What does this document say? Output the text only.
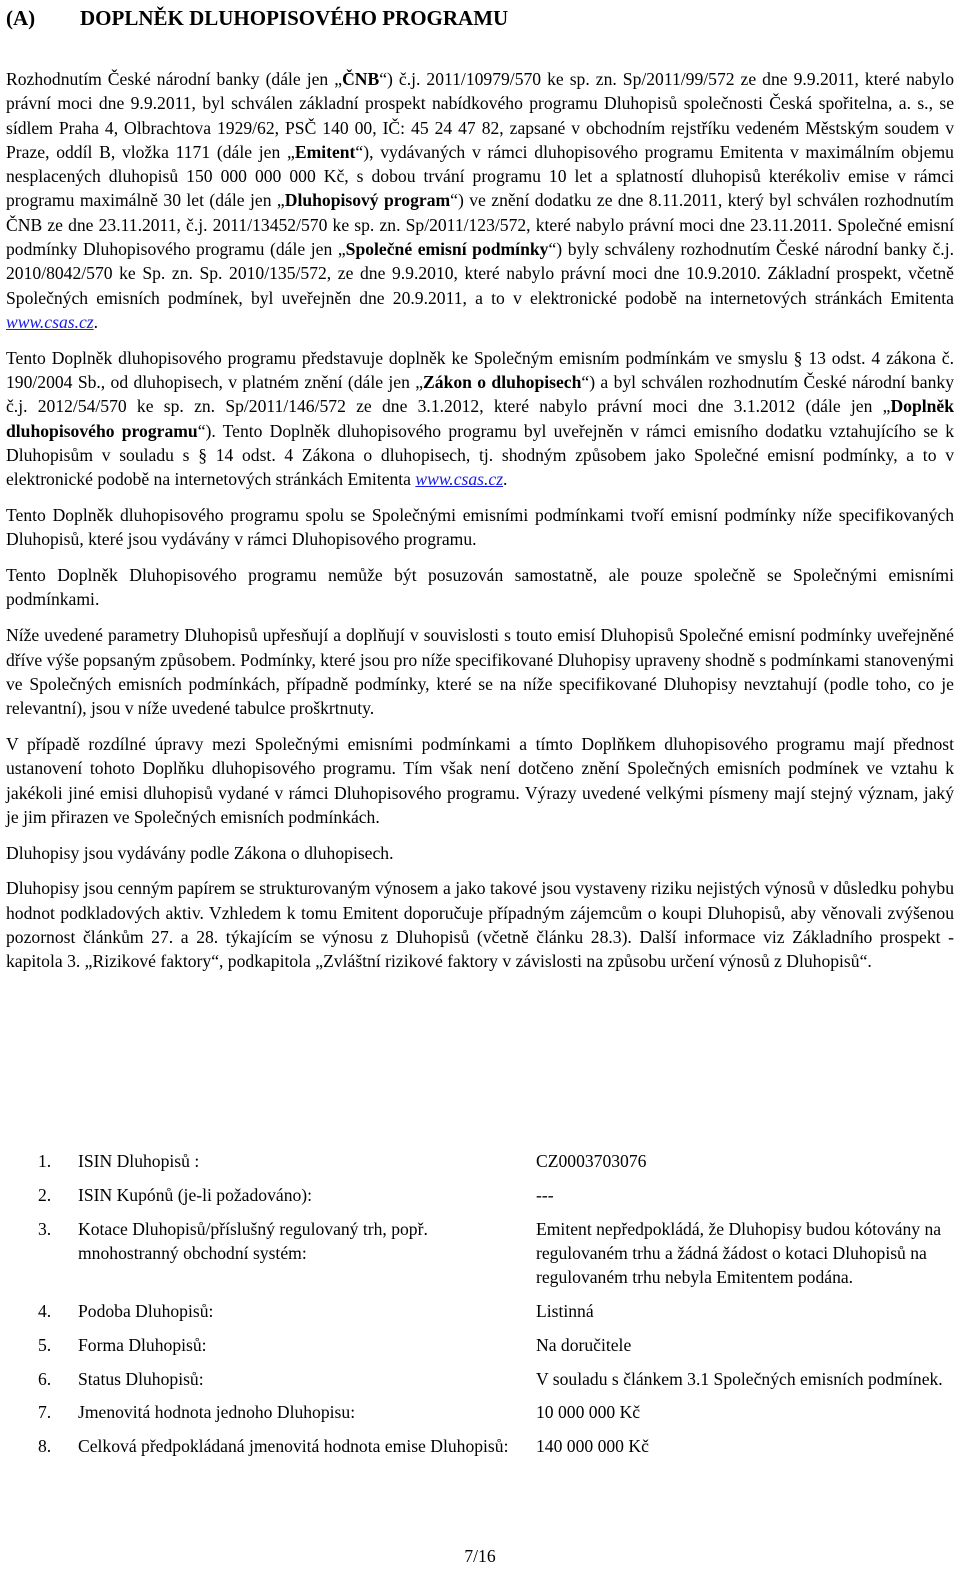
(A) DOPLNĚK DLUHOPISOVÉHO PROGRAMU

Rozhodnutím České národní banky (dále jen „ČNB“) č.j. 2011/10979/570 ke sp. zn. Sp/2011/99/572 ze dne 9.9.2011, které nabylo právní moci dne 9.9.2011, byl schválen základní prospekt nabídkového programu Dluhopisů společnosti Česká spořitelna, a. s., se sídlem Praha 4, Olbrachtova 1929/62, PSČ 140 00, IČ: 45 24 47 82, zapsané v obchodním rejstříku vedeném Městským soudem v Praze, oddíl B, vložka 1171 (dále jen „Emitent“), vydávaných v rámci dluhopisového programu Emitenta v maximálním objemu nesplacených dluhopisů 150 000 000 000 Kč, s dobou trvání programu 10 let a splatností dluhopisů kterékoliv emise v rámci programu maximálně 30 let (dále jen „Dluhopisový program“) ve znění dodatku ze dne 8.11.2011, který byl schválen rozhodnutím ČNB ze dne 23.11.2011, č.j. 2011/13452/570 ke sp. zn. Sp/2011/123/572, které nabylo právní moci dne 23.11.2011. Společné emisní podmínky Dluhopisového programu (dále jen „Společné emisní podmínky“) byly schváleny rozhodnutím České národní banky č.j. 2010/8042/570 ke Sp. zn. Sp. 2010/135/572, ze dne 9.9.2010, které nabylo právní moci dne 10.9.2010. Základní prospekt, včetně Společných emisních podmínek, byl uveřejněn dne 20.9.2011, a to v elektronické podobě na internetových stránkách Emitenta www.csas.cz.

Tento Doplněk dluhopisového programu představuje doplněk ke Společným emisním podmínkám ve smyslu § 13 odst. 4 zákona č. 190/2004 Sb., od dluhopisech, v platném znění (dále jen „Zákon o dluhopisech“) a byl schválen rozhodnutím České národní banky č.j. 2012/54/570 ke sp. zn. Sp/2011/146/572 ze dne 3.1.2012, které nabylo právní moci dne 3.1.2012 (dále jen „Doplněk dluhopisového programu“). Tento Doplněk dluhopisového programu byl uveřejněn v rámci emisního dodatku vztahujícího se k Dluhopisům v souladu s § 14 odst. 4 Zákona o dluhopisech, tj. shodným způsobem jako Společné emisní podmínky, a to v elektronické podobě na internetových stránkách Emitenta www.csas.cz.

Tento Doplněk dluhopisového programu spolu se Společnými emisními podmínkami tvoří emisní podmínky níže specifikovaných Dluhopisů, které jsou vydávány v rámci Dluhopisového programu.

Tento Doplněk Dluhopisového programu nemůže být posuzován samostatně, ale pouze společně se Společnými emisními podmínkami.

Níže uvedené parametry Dluhopisů upřesňují a doplňují v souvislosti s touto emisí Dluhopisů Společné emisní podmínky uveřejněné dříve výše popsaným způsobem. Podmínky, které jsou pro níže specifikované Dluhopisy upraveny shodně s podmínkami stanovenými ve Společných emisních podmínkách, případně podmínky, které se na níže specifikované Dluhopisy nevztahují (podle toho, co je relevantní), jsou v níže uvedené tabulce proškrtnuty.

V případě rozdílné úpravy mezi Společnými emisními podmínkami a tímto Doplňkem dluhopisového programu mají přednost ustanovení tohoto Doplňku dluhopisového programu. Tím však není dotčeno znění Společných emisních podmínek ve vztahu k jakékoli jiné emisi dluhopisů vydané v rámci Dluhopisového programu. Výrazy uvedené velkými písmeny mají stejný význam, jaký je jim přirazen ve Společných emisních podmínkách.

Dluhopisy jsou vydávány podle Zákona o dluhopisech.

Dluhopisy jsou cenným papírem se strukturovaným výnosem a jako takové jsou vystaveny riziku nejistých výnosů v důsledku pohybu hodnot podkladových aktiv. Vzhledem k tomu Emitent doporučuje případným zájemcům o koupi Dluhopisů, aby věnovali zvýšenou pozornost článkům 27. a 28. týkajícím se výnosu z Dluhopisů (včetně článku 28.3). Další informace viz Základního prospekt - kapitola 3. „Rizikové faktory“, podkapitola „Zvláštní rizikové faktory v závislosti na způsobu určení výnosů z Dluhopisů“.

1.	ISIN Dluhopisů :	CZ0003703076
2.	ISIN Kupónů (je-li požadováno):	---
3.	Kotace Dluhopisů/příslušný regulovaný trh, popř. mnohostranný obchodní systém:
Emitent nepředpokládá, že Dluhopisy budou kótovány na regulovaném trhu a žádná žádost o kotaci Dluhopisů na regulovaném trhu nebyla Emitentem podána.
4.	Podoba Dluhopisů:	Listinná
5.	Forma Dluhopisů:	Na doručitele
6.	Status Dluhopisů:	V souladu s článkem 3.1 Společných emisních podmínek.
7.	Jmenovitá hodnota jednoho Dluhopisu:	10 000 000 Kč
8.	Celková předpokládaná jmenovitá hodnota emise Dluhopisů:	140 000 000 Kč
7/16
